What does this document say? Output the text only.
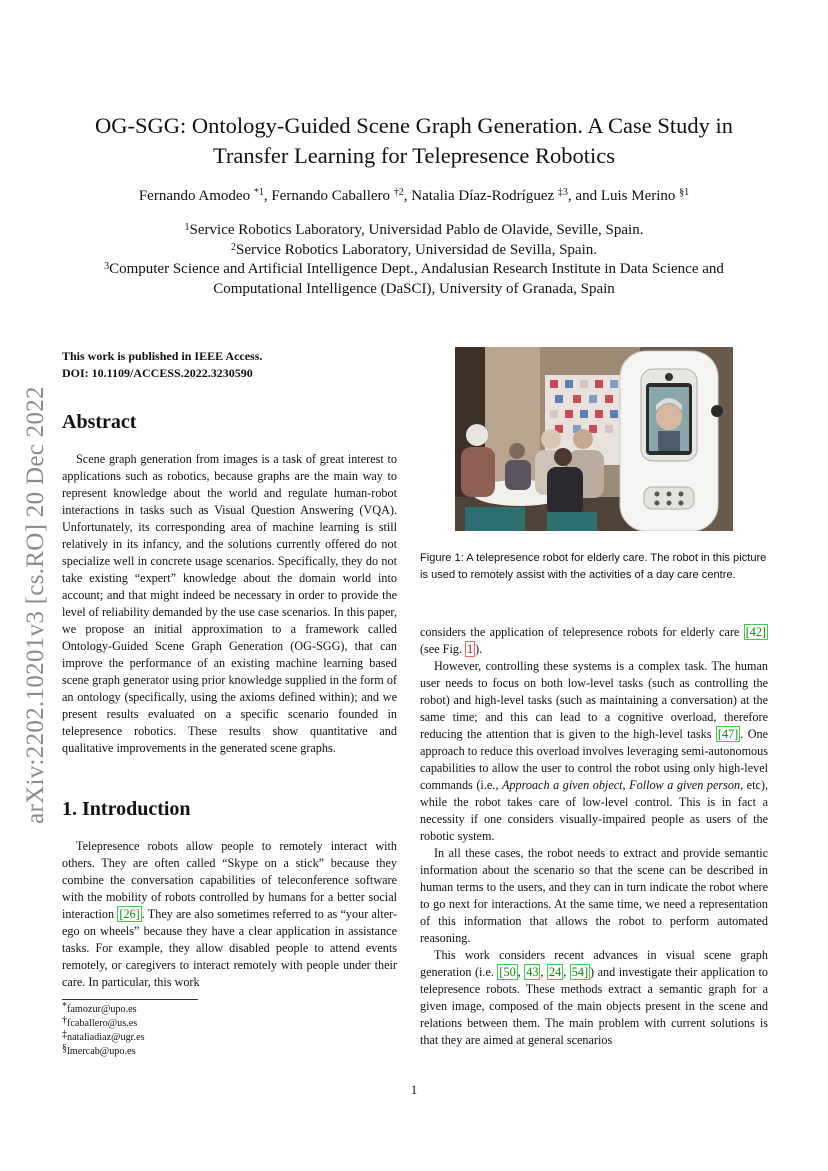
arXiv:2202.10201v3 [cs.RO] 20 Dec 2022
OG-SGG: Ontology-Guided Scene Graph Generation. A Case Study in
Transfer Learning for Telepresence Robotics
Fernando Amodeo $^{*1}$, Fernando Caballero $^{\dagger 2}$, Natalia Díaz-Rodríguez $^{\ddagger 3}$, and Luis Merino $^{\S 1}$
$^1$Service Robotics Laboratory, Universidad Pablo de Olavide, Seville, Spain.
$^2$Service Robotics Laboratory, Universidad de Sevilla, Spain.
$^3$Computer Science and Artificial Intelligence Dept., Andalusian Research Institute in Data Science and
Computational Intelligence (DaSCI), University of Granada, Spain
This work is published in IEEE Access.
DOI: 10.1109/ACCESS.2022.3230590
Abstract

Scene graph generation from images is a task of great interest to applications such as robotics, because graphs are the main way to represent knowledge about the world and regulate human-robot interactions in tasks such as Visual Question Answering (VQA). Unfortunately, its corresponding area of machine learning is still relatively in its infancy, and the solutions currently offered do not specialize well in concrete usage scenarios. Specifically, they do not take existing “expert” knowledge about the domain world into account; and that might indeed be necessary in order to provide the level of reliability demanded by the use case scenarios. In this paper, we propose an initial approximation to a framework called Ontology-Guided Scene Graph Generation (OG-SGG), that can improve the performance of an existing machine learning based scene graph generator using prior knowledge supplied in the form of an ontology (specifically, using the axioms defined within); and we present results evaluated on a specific scenario founded in telepresence robotics. These results show quantitative and qualitative improvements in the generated scene graphs.

1. Introduction

Telepresence robots allow people to remotely interact with others. They are often called “Skype on a stick” because they combine the conversation capabilities of teleconference software with the mobility of robots controlled by humans for a better social interaction [26] . They are also sometimes referred to as “your alter-ego on wheels” because they have a clear application in assistance tasks. For example, they allow disabled people to attend events remotely, or caregivers to interact remotely with people under their care. In particular, this work

*famozur@upo.es
†fcaballero@us.es
‡nataliadiaz@ugr.es
§lmercab@upo.es
Figure 1: A telepresence robot for elderly care. The robot in this picture is used to remotely assist with the activities of a day care centre.

considers the application of telepresence robots for elderly care [42] (see Fig. 1 ).

However, controlling these systems is a complex task. The human user needs to focus on both low-level tasks (such as controlling the robot) and high-level tasks (such as maintaining a conversation) at the same time; and this can lead to a cognitive overload, therefore reducing the attention that is given to the high-level tasks [47] . One approach to reduce this overload involves leveraging semi-autonomous capabilities to allow the user to control the robot using only high-level commands (i.e., Approach a given object, Follow a given person, etc), while the robot takes care of low-level control. This is in fact a necessity if one considers visually-impaired people as users of the robotic system.

In all these cases, the robot needs to extract and provide semantic information about the scenario so that the scene can be described in human terms to the users, and they can in turn indicate the robot where to go next for interactions. At the same time, we need a representation of this information that allows the robot to perform automated reasoning.

This work considers recent advances in visual scene graph generation (i.e. [50 , 43 , 24 , 54] ) and investigate their application to telepresence robots. These methods extract a semantic graph for a given image, composed of the main objects present in the scene and relations between them. The main problem with current solutions is that they are aimed at general scenarios

1
